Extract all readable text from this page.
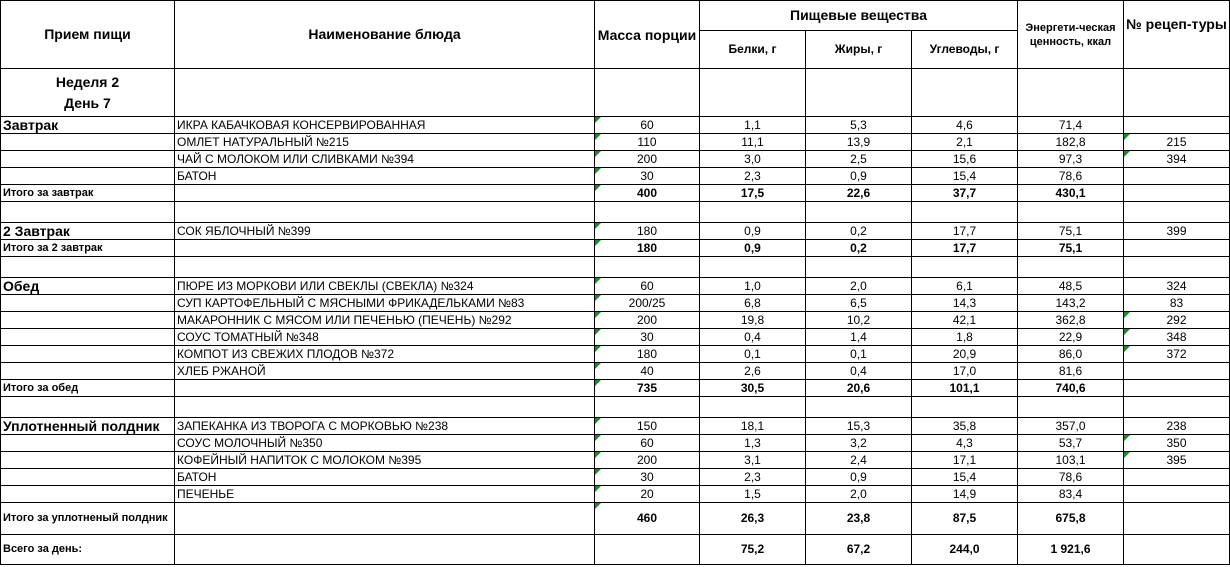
Прием пищи	Наименование блюда	Масса порции	Пищевые вещества			Энергети-ческая ценность, ккал	№ рецеп-туры
			Белки, г	Жиры, г	Углеводы, г		

Неделя 2
День 7							

Завтрак	ИКРА КАБАЧКОВАЯ КОНСЕРВИРОВАННАЯ	60	1,1	5,3	4,6	71,4	
	ОМЛЕТ НАТУРАЛЬНЫЙ №215	110	11,1	13,9	2,1	182,8	215
	ЧАЙ С МОЛОКОМ ИЛИ СЛИВКАМИ №394	200	3,0	2,5	15,6	97,3	394
	БАТОН	30	2,3	0,9	15,4	78,6	
Итого за завтрак		400	17,5	22,6	37,7	430,1	

2 Завтрак	СОК ЯБЛОЧНЫЙ №399	180	0,9	0,2	17,7	75,1	399
Итого за 2 завтрак		180	0,9	0,2	17,7	75,1	

Обед	ПЮРЕ ИЗ МОРКОВИ ИЛИ СВЕКЛЫ (СВЕКЛА) №324	60	1,0	2,0	6,1	48,5	324
	СУП КАРТОФЕЛЬНЫЙ С МЯСНЫМИ ФРИКАДЕЛЬКАМИ №83	200/25	6,8	6,5	14,3	143,2	83
	МАКАРОННИК С МЯСОМ ИЛИ ПЕЧЕНЬЮ (ПЕЧЕНЬ) №292	200	19,8	10,2	42,1	362,8	292
	СОУС ТОМАТНЫЙ №348	30	0,4	1,4	1,8	22,9	348
	КОМПОТ ИЗ СВЕЖИХ ПЛОДОВ №372	180	0,1	0,1	20,9	86,0	372
	ХЛЕБ РЖАНОЙ	40	2,6	0,4	17,0	81,6	
Итого за обед		735	30,5	20,6	101,1	740,6	

Уплотненный полдник	ЗАПЕКАНКА ИЗ ТВОРОГА С МОРКОВЬЮ №238	150	18,1	15,3	35,8	357,0	238
	СОУС МОЛОЧНЫЙ №350	60	1,3	3,2	4,3	53,7	350
	КОФЕЙНЫЙ НАПИТОК С МОЛОКОМ №395	200	3,1	2,4	17,1	103,1	395
	БАТОН	30	2,3	0,9	15,4	78,6	
	ПЕЧЕНЬЕ	20	1,5	2,0	14,9	83,4	
Итого за уплотненый полдник		460	26,3	23,8	87,5	675,8	
Всего за день:			75,2	67,2	244,0	1 921,6	
